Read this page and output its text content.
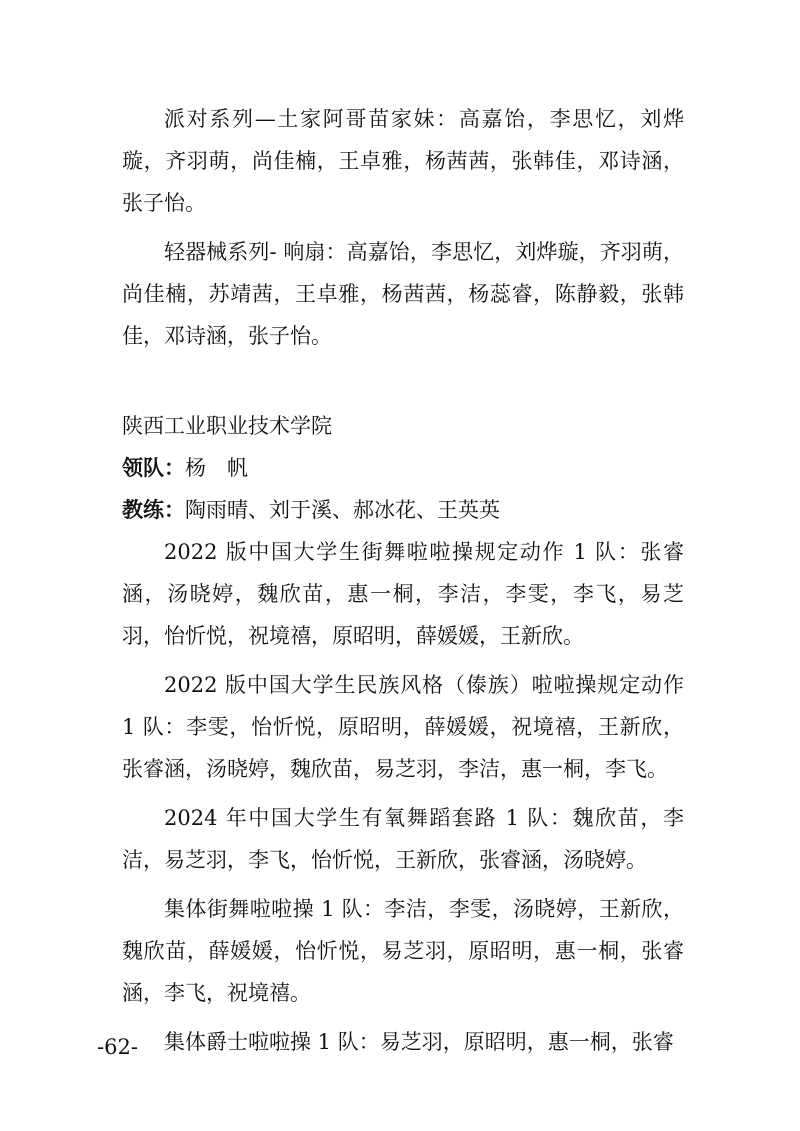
派对系列—土家阿哥苗家妹：高嘉饴，李思忆，刘烨璇，齐羽萌，尚佳楠，王卓雅，杨茜茜，张韩佳，邓诗涵，张子怡。

轻器械系列- 响扇：高嘉饴，李思忆，刘烨璇，齐羽萌，尚佳楠，苏靖茜，王卓雅，杨茜茜，杨蕊睿，陈静毅，张韩佳，邓诗涵，张子怡。

陕西工业职业技术学院

领队：杨　帆

教练：陶雨晴、刘于溪、郝冰花、王英英

2022 版中国大学生街舞啦啦操规定动作 1 队：张睿涵，汤晓婷，魏欣苗，惠一桐，李洁，李雯，李飞，易芝羽，怡忻悦，祝境禧，原昭明，薛媛媛，王新欣。

2022 版中国大学生民族风格（傣族）啦啦操规定动作 1 队：李雯，怡忻悦，原昭明，薛媛媛，祝境禧，王新欣，张睿涵，汤晓婷，魏欣苗，易芝羽，李洁，惠一桐，李飞。

2024 年中国大学生有氧舞蹈套路 1 队：魏欣苗，李洁，易芝羽，李飞，怡忻悦，王新欣，张睿涵，汤晓婷。

集体街舞啦啦操 1 队：李洁，李雯，汤晓婷，王新欣，魏欣苗，薛媛媛，怡忻悦，易芝羽，原昭明，惠一桐，张睿涵，李飞，祝境禧。

集体爵士啦啦操 1 队：易芝羽，原昭明，惠一桐，张睿

-62-
